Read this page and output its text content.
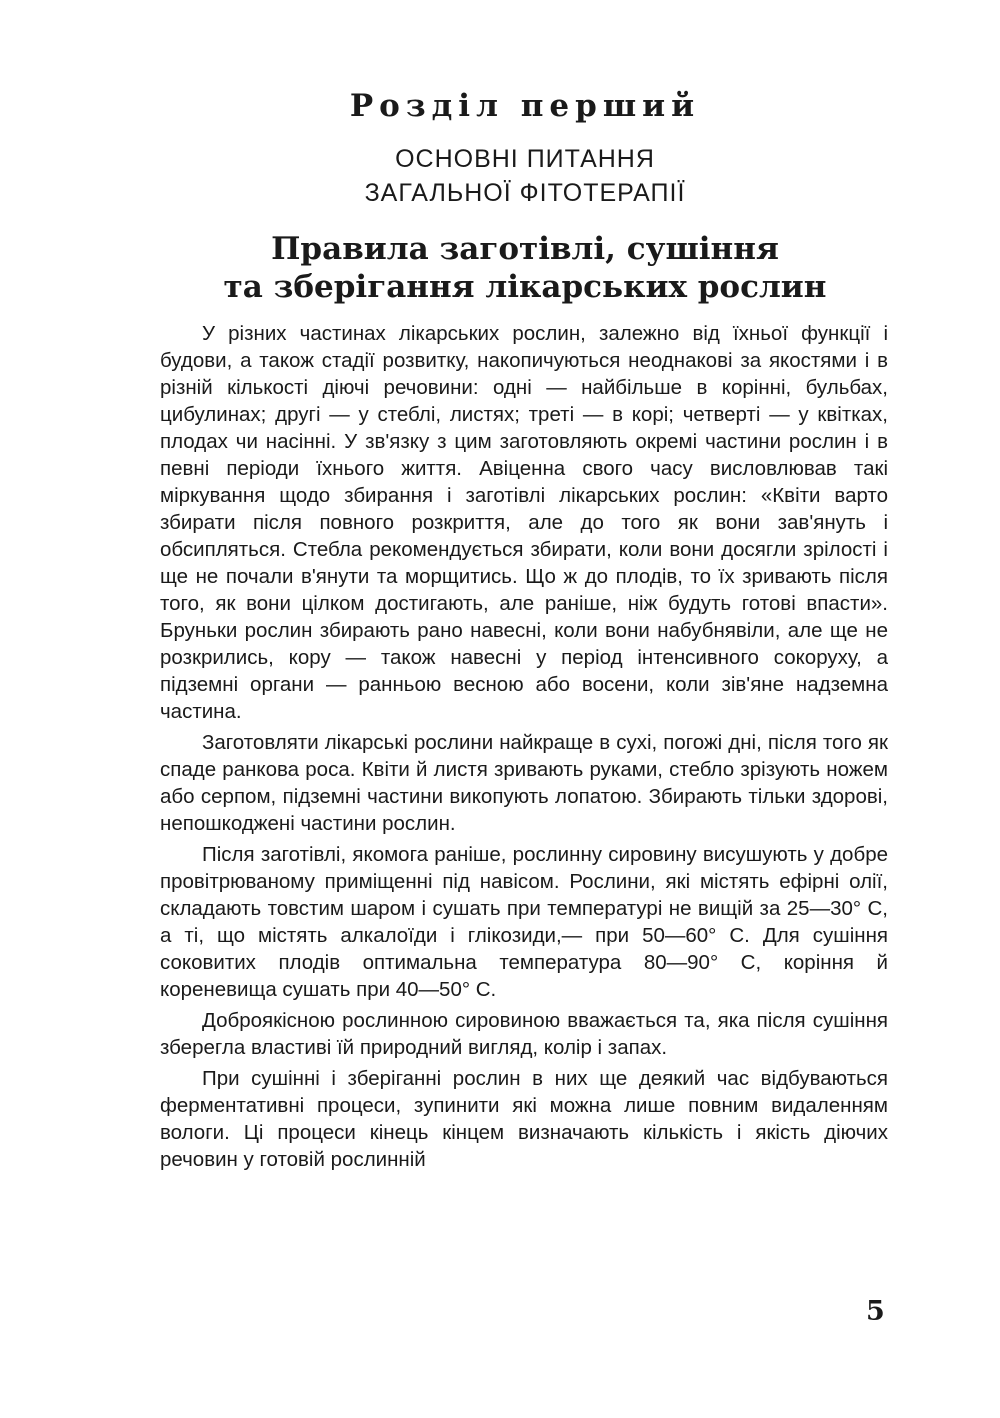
Розділ перший
ОСНОВНІ ПИТАННЯ
ЗАГАЛЬНОЇ ФІТОТЕРАПІЇ
Правила заготівлі, сушіння
та зберігання лікарських рослин

У різних частинах лікарських рослин, залежно від їхньої функції і будови, а також стадії розвитку, накопичуються неоднакові за якостями і в різній кількості діючі речовини: одні — найбільше в корінні, бульбах, цибулинах; другі — у стеблі, листях; треті — в корі; четверті — у квітках, плодах чи насінні. У зв'язку з цим заготовляють окремі частини рослин і в певні періоди їхнього життя. Авіценна свого часу висловлював такі міркування щодо збирання і заготівлі лікарських рослин: «Квіти варто збирати після повного розкриття, але до того як вони зав'януть і обсипляться. Стебла рекомендується збирати, коли вони досягли зрілості і ще не почали в'янути та морщитись. Що ж до плодів, то їх зривають після того, як вони цілком достигають, але раніше, ніж будуть готові впасти». Бруньки рослин збирають рано навесні, коли вони набубнявіли, але ще не розкрились, кору — також навесні у період інтенсивного сокоруху, а підземні органи — ранньою весною або восени, коли зів'яне надземна частина.

Заготовляти лікарські рослини найкраще в сухі, погожі дні, після того як спаде ранкова роса. Квіти й листя зривають руками, стебло зрізують ножем або серпом, підземні частини викопують лопатою. Збирають тільки здорові, непошкоджені частини рослин.

Після заготівлі, якомога раніше, рослинну сировину висушують у добре провітрюваному приміщенні під навісом. Рослини, які містять ефірні олії, складають товстим шаром і сушать при температурі не вищій за 25—30° С, а ті, що містять алкалоїди і глікозиди,— при 50—60° С. Для сушіння соковитих плодів оптимальна температура 80—90° С, коріння й кореневища сушать при 40—50° С.

Доброякісною рослинною сировиною вважається та, яка після сушіння зберегла властиві їй природний вигляд, колір і запах.

При сушінні і зберіганні рослин в них ще деякий час відбуваються ферментативні процеси, зупинити які можна лише повним видаленням вологи. Ці процеси кінець кінцем визначають кількість і якість діючих речовин у готовій рослинній

5
